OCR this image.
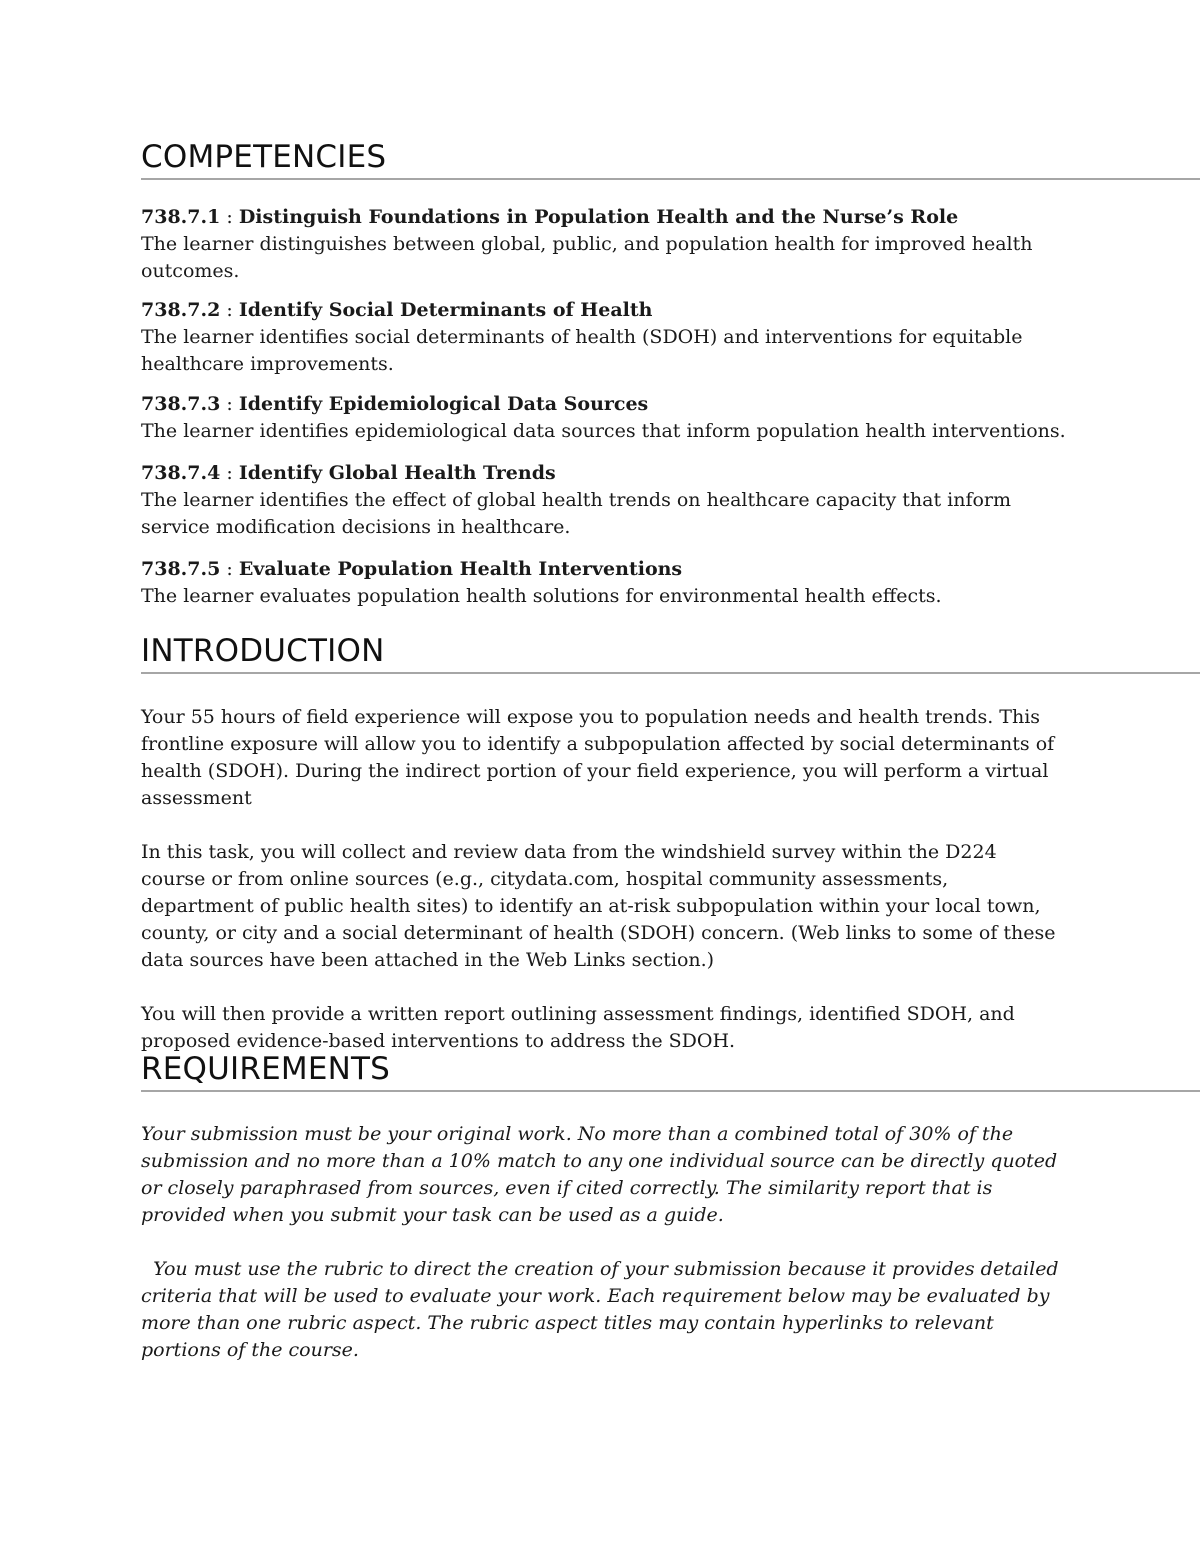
COMPETENCIES

738.7.1 : Distinguish Foundations in Population Health and the Nurse’s Role

The learner distinguishes between global, public, and population health for improved health outcomes.

738.7.2 : Identify Social Determinants of Health

The learner identifies social determinants of health (SDOH) and interventions for equitable healthcare improvements.

738.7.3 : Identify Epidemiological Data Sources

The learner identifies epidemiological data sources that inform population health interventions.

738.7.4 : Identify Global Health Trends

The learner identifies the effect of global health trends on healthcare capacity that inform service modification decisions in healthcare.

738.7.5 : Evaluate Population Health Interventions

The learner evaluates population health solutions for environmental health effects.

INTRODUCTION

Your 55 hours of field experience will expose you to population needs and health trends. This frontline exposure will allow you to identify a subpopulation affected by social determinants of health (SDOH). During the indirect portion of your field experience, you will perform a virtual assessment

In this task, you will collect and review data from the windshield survey within the D224 course or from online sources (e.g., citydata.com, hospital community assessments, department of public health sites) to identify an at-risk subpopulation within your local town, county, or city and a social determinant of health (SDOH) concern. (Web links to some of these data sources have been attached in the Web Links section.)

You will then provide a written report outlining assessment findings, identified SDOH, and proposed evidence-based interventions to address the SDOH.

REQUIREMENTS

Your submission must be your original work. No more than a combined total of 30% of the submission and no more than a 10% match to any one individual source can be directly quoted or closely paraphrased from sources, even if cited correctly. The similarity report that is provided when you submit your task can be used as a guide.

You must use the rubric to direct the creation of your submission because it provides detailed criteria that will be used to evaluate your work. Each requirement below may be evaluated by more than one rubric aspect. The rubric aspect titles may contain hyperlinks to relevant portions of the course.
